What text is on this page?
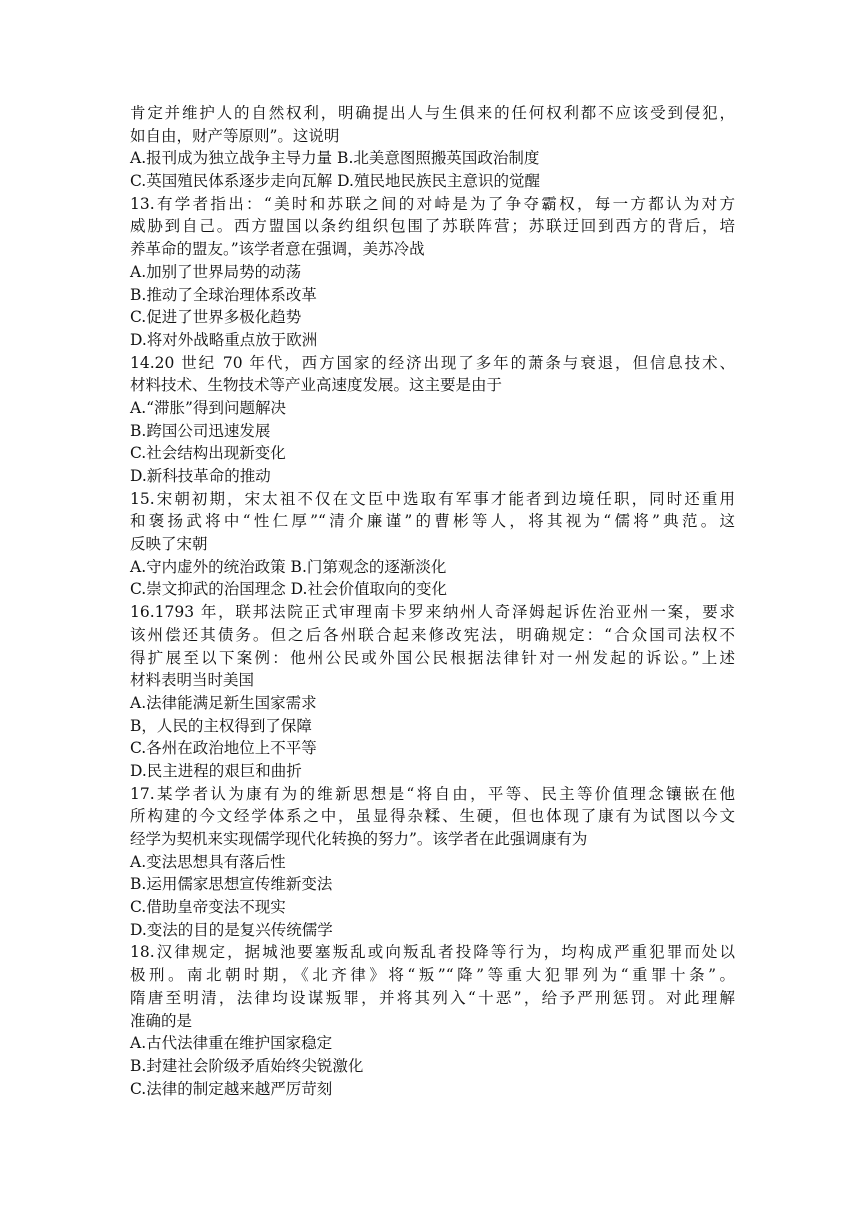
肯定并维护人的自然权利，明确提出人与生俱来的任何权利都不应该受到侵犯，
如自由，财产等原则”。这说明
A.报刊成为独立战争主导力量 B.北美意图照搬英国政治制度
C.英国殖民体系逐步走向瓦解 D.殖民地民族民主意识的觉醒
13.有学者指出：“美时和苏联之间的对峙是为了争夺霸权，每一方都认为对方
威胁到自己。西方盟国以条约组织包围了苏联阵营；苏联迂回到西方的背后，培
养革命的盟友。”该学者意在强调，美苏冷战
A.加别了世界局势的动荡
B.推动了全球治理体系改革
C.促进了世界多极化趋势
D.将对外战略重点放于欧洲
14.20 世纪 70 年代，西方国家的经济出现了多年的萧条与衰退，但信息技术、
材料技术、生物技术等产业高速度发展。这主要是由于
A.“滞胀”得到问题解决
B.跨国公司迅速发展
C.社会结构出现新变化
D.新科技革命的推动
15.宋朝初期，宋太祖不仅在文臣中选取有军事才能者到边境任职，同时还重用
和褒扬武将中“性仁厚”“清介廉谨”的曹彬等人，将其视为“儒将”典范。这
反映了宋朝
A.守内虚外的统治政策 B.门第观念的逐渐淡化
C.崇文抑武的治国理念 D.社会价值取向的变化
16.1793 年，联邦法院正式审理南卡罗来纳州人奇泽姆起诉佐治亚州一案，要求
该州偿还其债务。但之后各州联合起来修改宪法，明确规定：“合众国司法权不
得扩展至以下案例：他州公民或外国公民根据法律针对一州发起的诉讼。”上述
材料表明当时美国
A.法律能满足新生国家需求
B，人民的主权得到了保障
C.各州在政治地位上不平等
D.民主进程的艰巨和曲折
17.某学者认为康有为的维新思想是“将自由，平等、民主等价值理念镶嵌在他
所构建的今文经学体系之中，虽显得杂糅、生硬，但也体现了康有为试图以今文
经学为契机来实现儒学现代化转换的努力”。该学者在此强调康有为
A.变法思想具有落后性
B.运用儒家思想宣传维新变法
C.借助皇帝变法不现实
D.变法的目的是复兴传统儒学
18.汉律规定，据城池要塞叛乱或向叛乱者投降等行为，均构成严重犯罪而处以
极刑。南北朝时期，《北齐律》将“叛”“降”等重大犯罪列为“重罪十条”。
隋唐至明清，法律均设谋叛罪，并将其列入“十恶”，给予严刑惩罚。对此理解
准确的是
A.古代法律重在维护国家稳定
B.封建社会阶级矛盾始终尖锐激化
C.法律的制定越来越严厉苛刻
